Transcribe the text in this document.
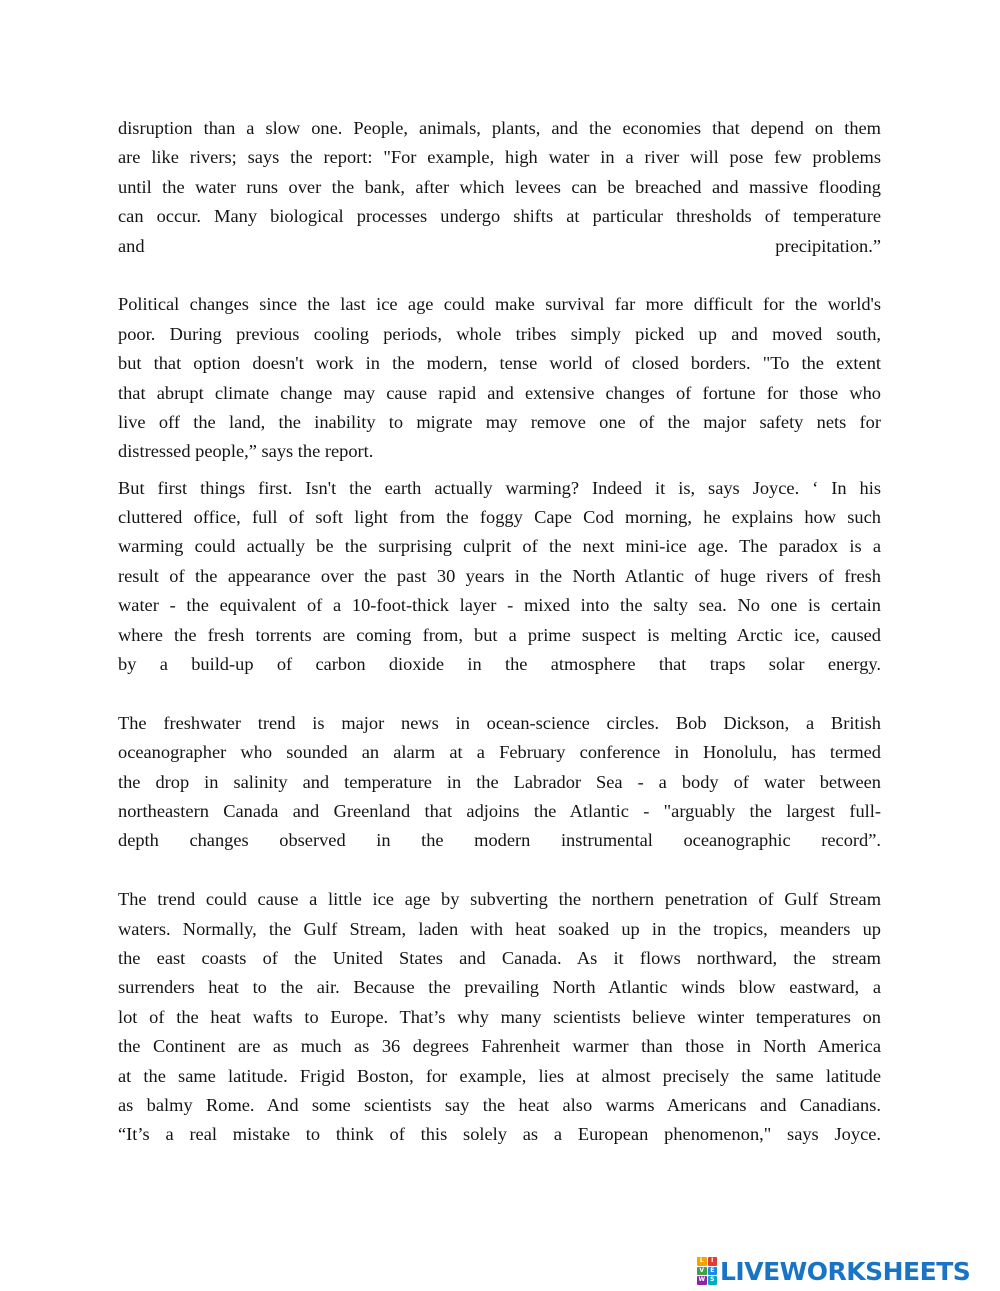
disruption than a slow one. People, animals, plants, and the economies that depend on them
are like rivers; says the report: "For example, high water in a river will pose few problems
until the water runs over the bank, after which levees can be breached and massive flooding
can occur. Many biological processes undergo shifts at particular thresholds of temperature
and precipitation.”
Political changes since the last ice age could make survival far more difficult for the world's
poor. During previous cooling periods, whole tribes simply picked up and moved south,
but that option doesn't work in the modern, tense world of closed borders. "To the extent
that abrupt climate change may cause rapid and extensive changes of fortune for those who
live off the land, the inability to migrate may remove one of the major safety nets for
distressed people,” says the report.
But first things first. Isn't the earth actually warming? Indeed it is, says Joyce. ‘ In his
cluttered office, full of soft light from the foggy Cape Cod morning, he explains how such
warming could actually be the surprising culprit of the next mini-ice age. The paradox is a
result of the appearance over the past 30 years in the North Atlantic of huge rivers of fresh
water - the equivalent of a 10-foot-thick layer - mixed into the salty sea. No one is certain
where the fresh torrents are coming from, but a prime suspect is melting Arctic ice, caused
by a build-up of carbon dioxide in the atmosphere that traps solar energy.
The freshwater trend is major news in ocean-science circles. Bob Dickson, a British
oceanographer who sounded an alarm at a February conference in Honolulu, has termed
the drop in salinity and temperature in the Labrador Sea - a body of water between
northeastern Canada and Greenland that adjoins the Atlantic - "arguably the largest full-
depth changes observed in the modern instrumental oceanographic record”.
The trend could cause a little ice age by subverting the northern penetration of Gulf Stream
waters. Normally, the Gulf Stream, laden with heat soaked up in the tropics, meanders up
the east coasts of the United States and Canada. As it flows northward, the stream
surrenders heat to the air. Because the prevailing North Atlantic winds blow eastward, a
lot of the heat wafts to Europe. That’s why many scientists believe winter temperatures on
the Continent are as much as 36 degrees Fahrenheit warmer than those in North America
at the same latitude. Frigid Boston, for example, lies at almost precisely the same latitude
as balmy Rome. And some scientists say the heat also warms Americans and Canadians.
“It’s a real mistake to think of this solely as a European phenomenon," says Joyce.
L	I
V	E
W S LIVEWORKSHEETS
